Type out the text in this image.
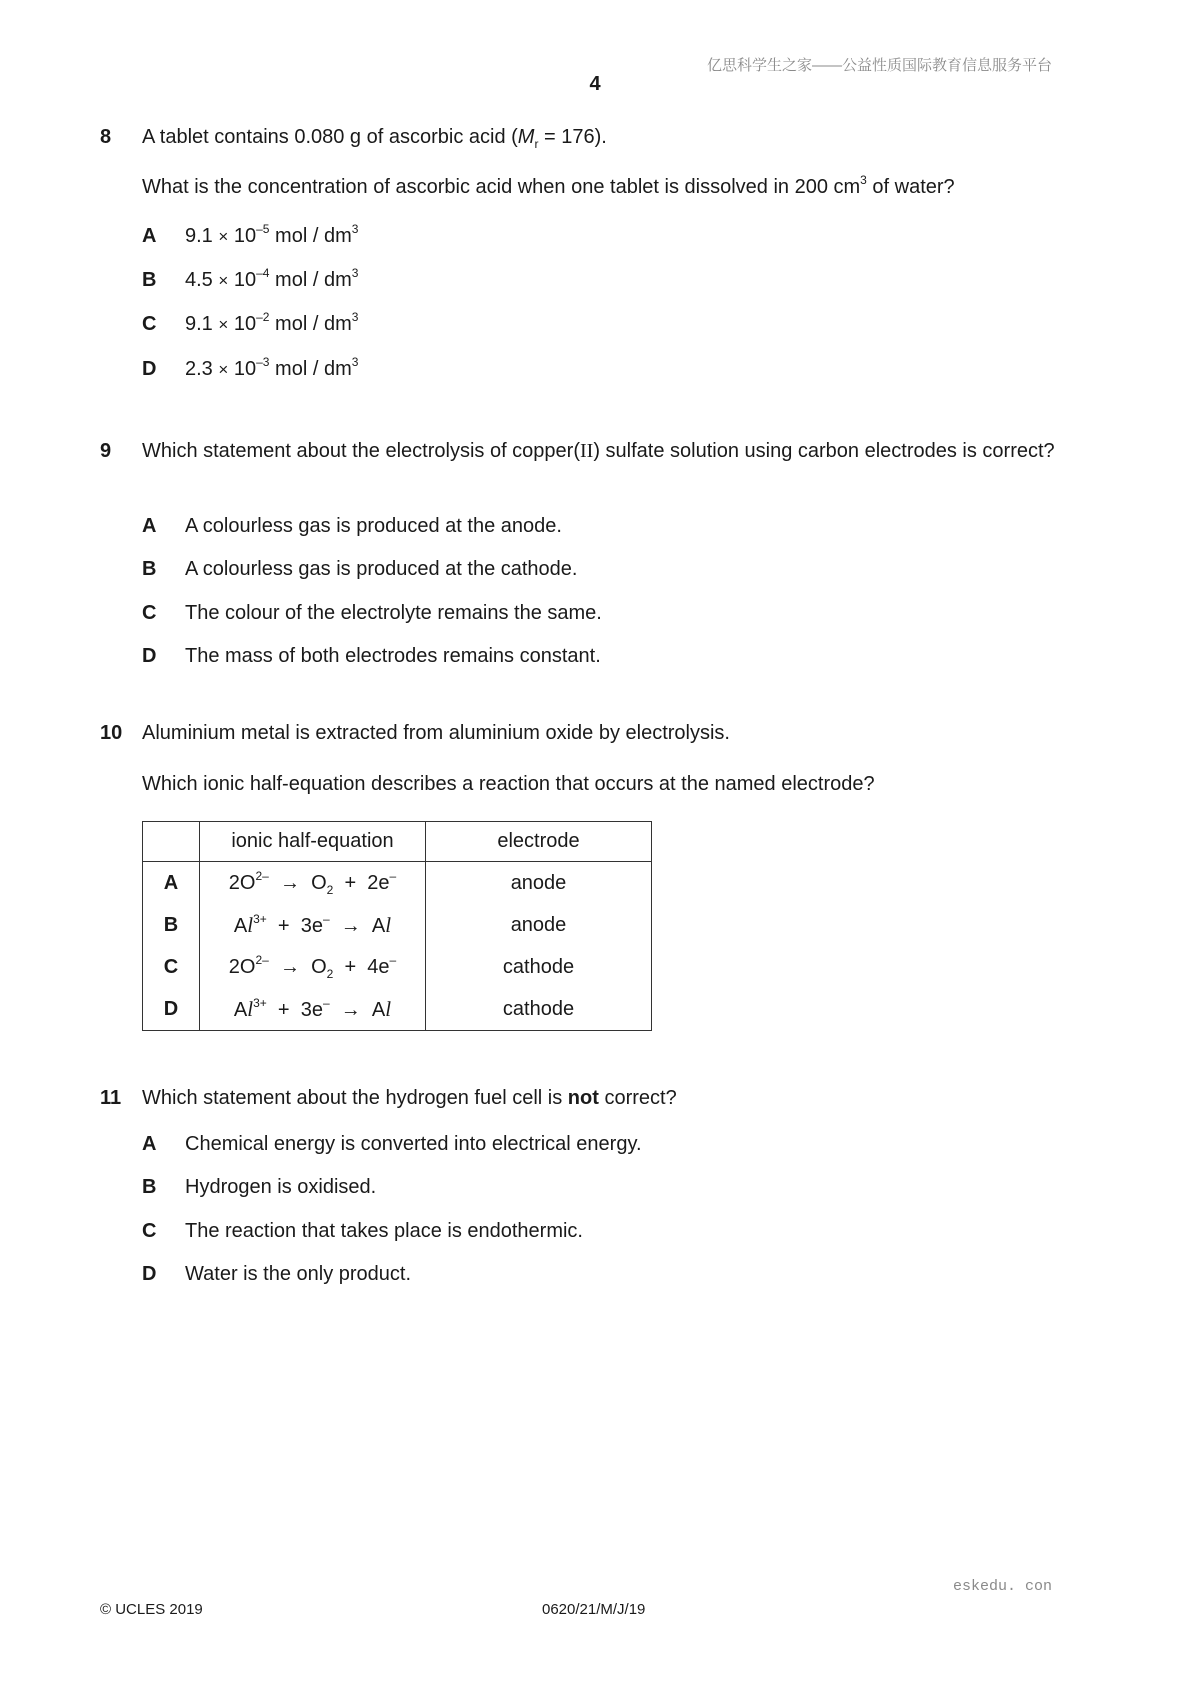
亿思科学生之家——公益性质国际教育信息服务平台
4
8 A tablet contains 0.080 g of ascorbic acid $(M_r = 176)$.
What is the concentration of ascorbic acid when one tablet is dissolved in 200 $cm^3$ of water?
A $9.1 \times 10^{-5}$ mol / $dm^3$
B $4.5 \times 10^{-4}$ mol / $dm^3$
C $9.1 \times 10^{-2}$ mol / $dm^3$
D $2.3 \times 10^{-3}$ mol / $dm^3$
9 Which statement about the electrolysis of copper(II) sulfate solution using carbon electrodes is correct?
A A colourless gas is produced at the anode.
B A colourless gas is produced at the cathode.
C The colour of the electrolyte remains the same.
D The mass of both electrodes remains constant.
10 Aluminium metal is extracted from aluminium oxide by electrolysis.
Which ionic half-equation describes a reaction that occurs at the named electrode?
	ionic half-equation	electrode
A	$2O^{2-} \to O_2 + 2e^-$	anode
B	$Al^{3+} + 3e^- \to Al$	anode
C	$2O^{2-} \to O_2 + 4e^-$	cathode
D	$Al^{3+} + 3e^- \to Al$	cathode
11 Which statement about the hydrogen fuel cell is not correct?
A Chemical energy is converted into electrical energy.
B Hydrogen is oxidised.
C The reaction that takes place is endothermic.
D Water is the only product.
eskedu. con
© UCLES 2019	0620/21/M/J/19
